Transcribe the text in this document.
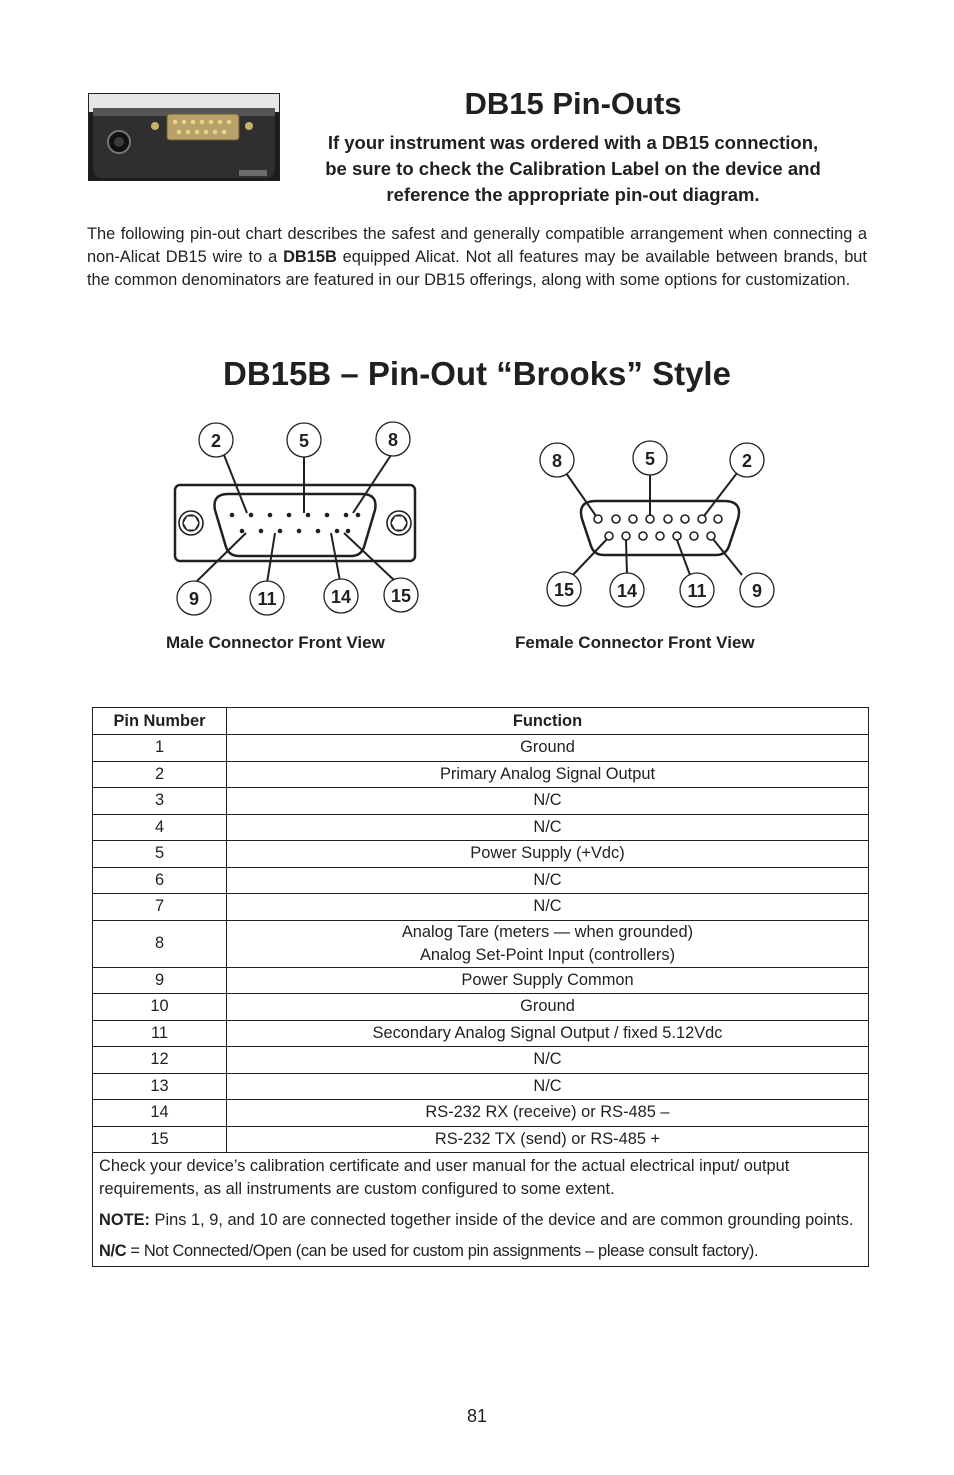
DB15 Pin-Outs
If your instrument was ordered with a DB15 connection,
be sure to check the Calibration Label on the device and
reference the appropriate pin-out diagram.

The following pin-out chart describes the safest and generally compatible arrangement when connecting a non-Alicat DB15 wire to a DB15B equipped Alicat. Not all features may be available between brands, but the common denominators are featured in our DB15 offerings, along with some options for customization.

DB15B – Pin-Out “Brooks” Style
2	5	8
9	11	14 15
8	5	2
15 14	11	9

Male Connector Front View	Female Connector Front View

Pin Number	Function
1	Ground
2	Primary Analog Signal Output
3	N/C
4	N/C
5	Power Supply (+Vdc)
6	N/C
7	N/C
8	Analog Tare (meters — when grounded)
Analog Set-Point Input (controllers)

9	Power Supply Common
10	Ground
11	Secondary Analog Signal Output / fixed 5.12Vdc
12	N/C
13	N/C
14	RS-232 RX (receive) or RS-485 –
15	RS-232 TX (send) or RS-485 +

Check your device’s calibration certificate and user manual for the actual electrical input/ output requirements, as all instruments are custom configured to some extent.

NOTE: Pins 1, 9, and 10 are connected together inside of the device and are common grounding points.

N/C = Not Connected/Open (can be used for custom pin assignments – please consult factory).	

81
